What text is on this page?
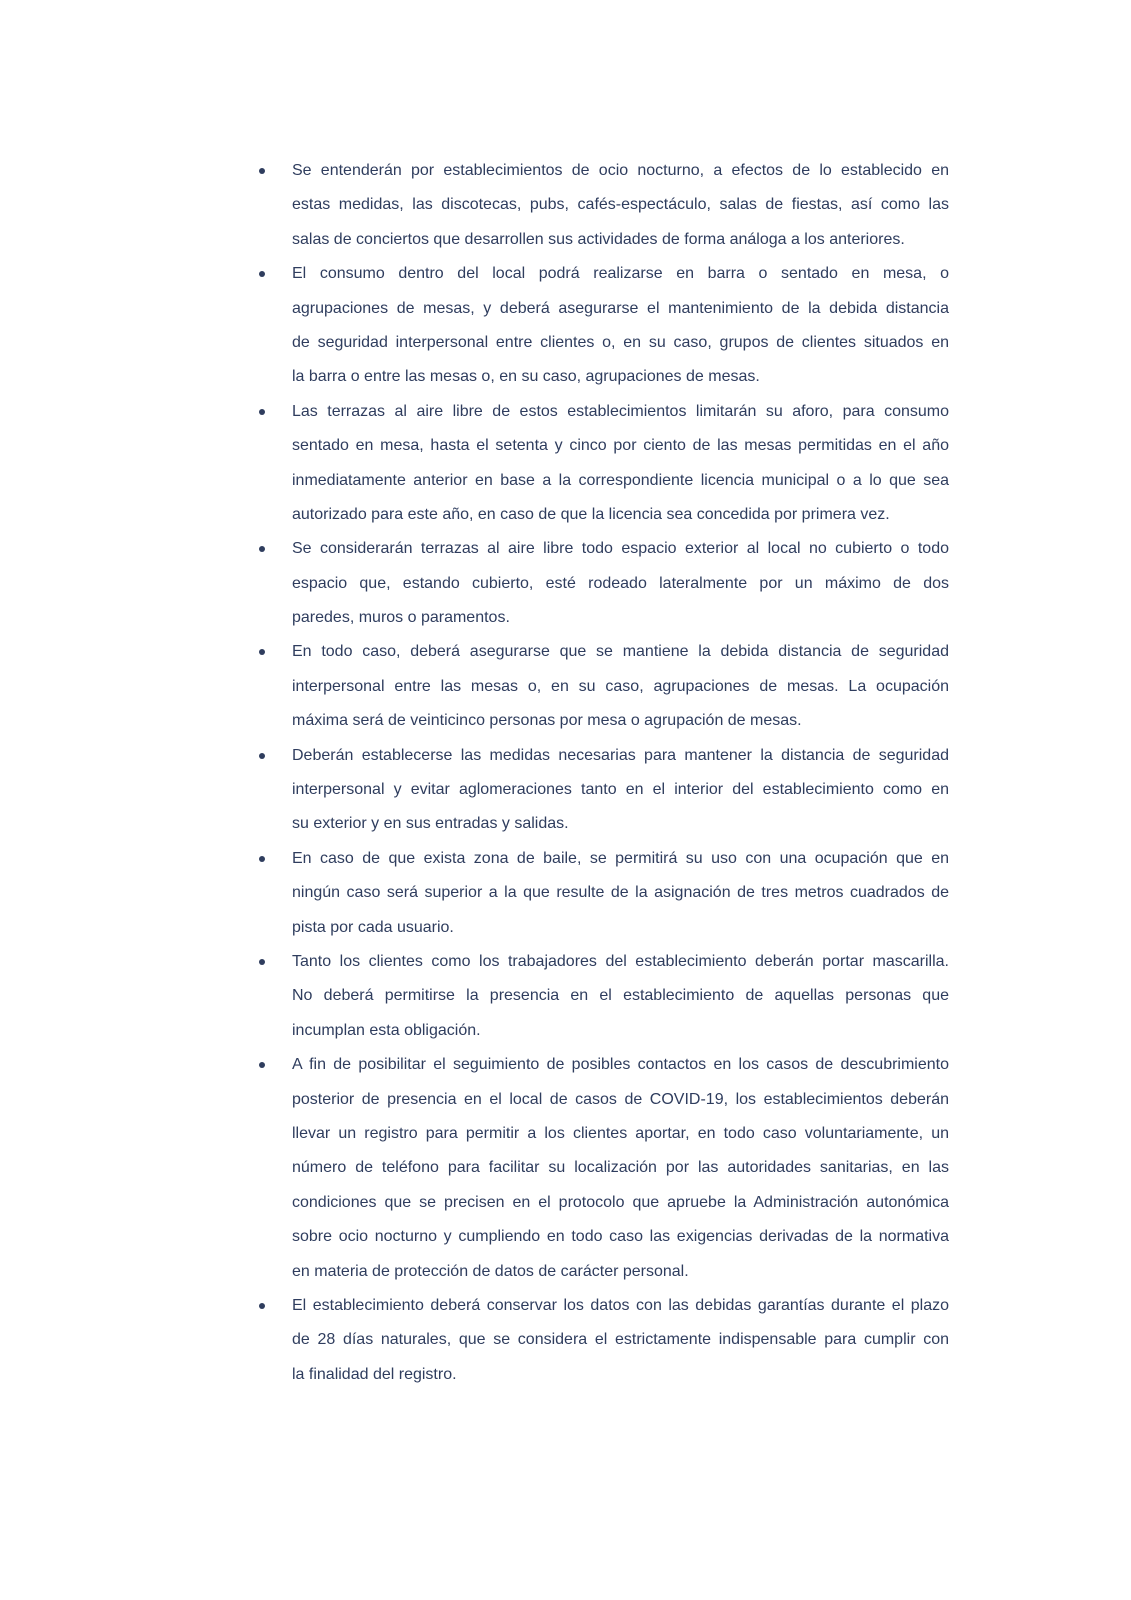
Se entenderán por establecimientos de ocio nocturno, a efectos de lo establecido en
estas medidas, las discotecas, pubs, cafés-espectáculo, salas de fiestas, así como las
salas de conciertos que desarrollen sus actividades de forma análoga a los anteriores.
El consumo dentro del local podrá realizarse en barra o sentado en mesa, o
agrupaciones de mesas, y deberá asegurarse el mantenimiento de la debida distancia
de seguridad interpersonal entre clientes o, en su caso, grupos de clientes situados en
la barra o entre las mesas o, en su caso, agrupaciones de mesas.
Las terrazas al aire libre de estos establecimientos limitarán su aforo, para consumo
sentado en mesa, hasta el setenta y cinco por ciento de las mesas permitidas en el año
inmediatamente anterior en base a la correspondiente licencia municipal o a lo que sea
autorizado para este año, en caso de que la licencia sea concedida por primera vez.
Se considerarán terrazas al aire libre todo espacio exterior al local no cubierto o todo
espacio que, estando cubierto, esté rodeado lateralmente por un máximo de dos
paredes, muros o paramentos.
En todo caso, deberá asegurarse que se mantiene la debida distancia de seguridad
interpersonal entre las mesas o, en su caso, agrupaciones de mesas. La ocupación
máxima será de veinticinco personas por mesa o agrupación de mesas.
Deberán establecerse las medidas necesarias para mantener la distancia de seguridad
interpersonal y evitar aglomeraciones tanto en el interior del establecimiento como en
su exterior y en sus entradas y salidas.
En caso de que exista zona de baile, se permitirá su uso con una ocupación que en
ningún caso será superior a la que resulte de la asignación de tres metros cuadrados de
pista por cada usuario.
Tanto los clientes como los trabajadores del establecimiento deberán portar mascarilla.
No deberá permitirse la presencia en el establecimiento de aquellas personas que
incumplan esta obligación.
A fin de posibilitar el seguimiento de posibles contactos en los casos de descubrimiento
posterior de presencia en el local de casos de COVID-19, los establecimientos deberán
llevar un registro para permitir a los clientes aportar, en todo caso voluntariamente, un
número de teléfono para facilitar su localización por las autoridades sanitarias, en las
condiciones que se precisen en el protocolo que apruebe la Administración autonómica
sobre ocio nocturno y cumpliendo en todo caso las exigencias derivadas de la normativa
en materia de protección de datos de carácter personal.
El establecimiento deberá conservar los datos con las debidas garantías durante el plazo
de 28 días naturales, que se considera el estrictamente indispensable para cumplir con
la finalidad del registro.
